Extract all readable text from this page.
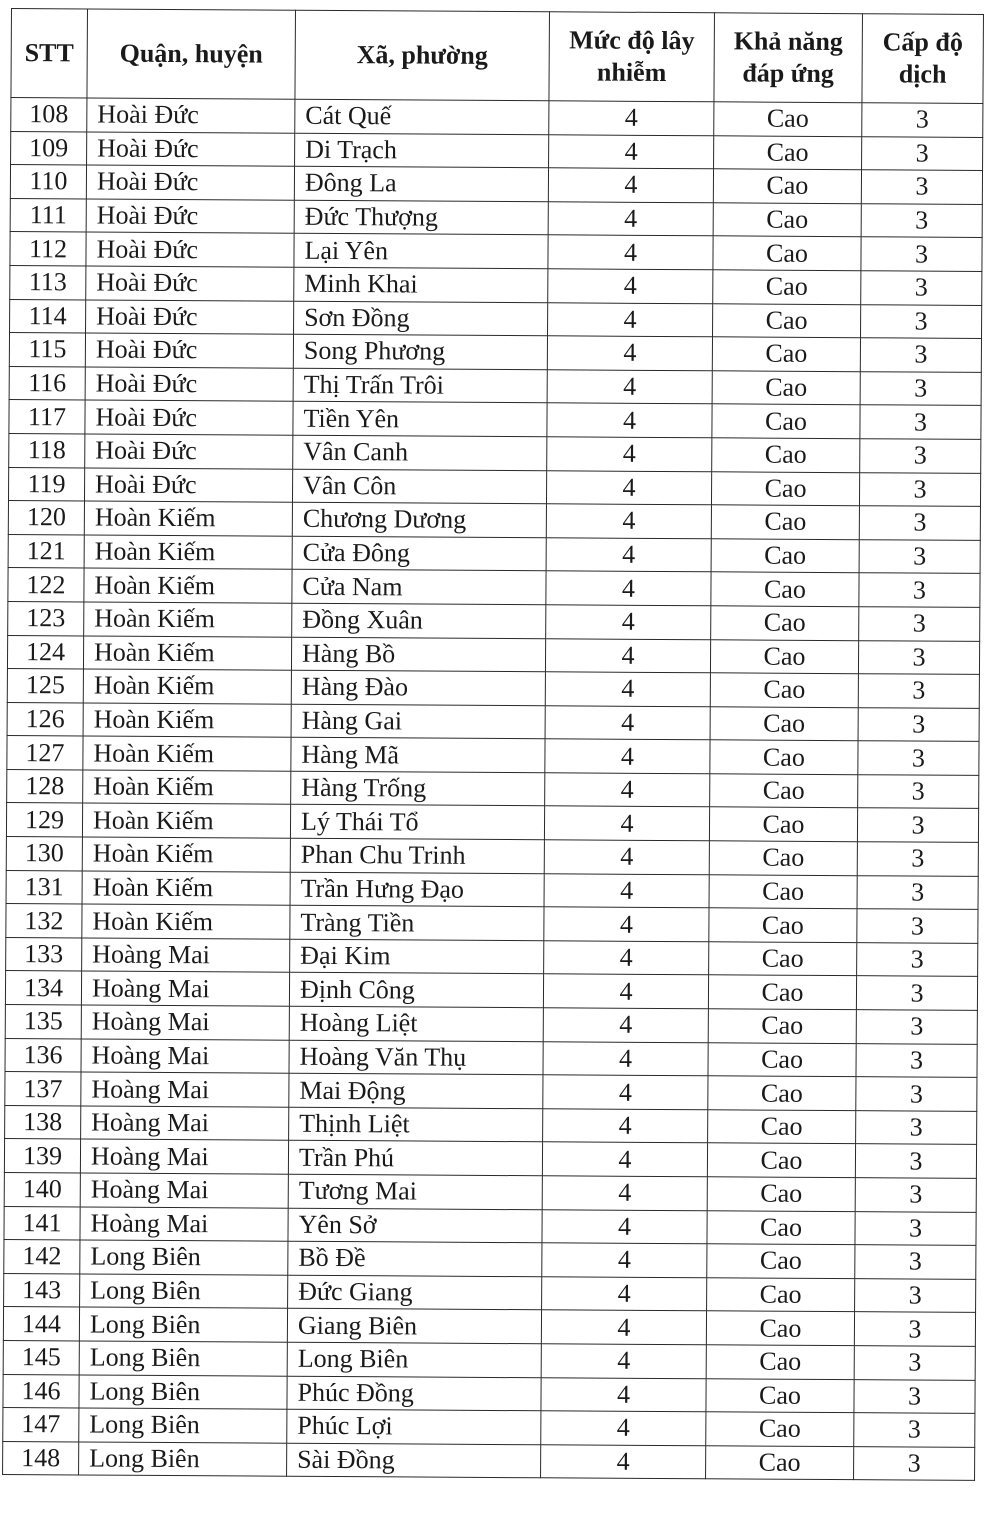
STT	Quận, huyện	Xã, phường	Mức độ lây nhiễm	Khả năng đáp ứng	Cấp độ dịch
108	Hoài Đức	Cát Quế	4	Cao	3
109	Hoài Đức	Di Trạch	4	Cao	3
110	Hoài Đức	Đông La	4	Cao	3
111	Hoài Đức	Đức Thượng	4	Cao	3
112	Hoài Đức	Lại Yên	4	Cao	3
113	Hoài Đức	Minh Khai	4	Cao	3
114	Hoài Đức	Sơn Đồng	4	Cao	3
115	Hoài Đức	Song Phương	4	Cao	3
116	Hoài Đức	Thị Trấn Trôi	4	Cao	3
117	Hoài Đức	Tiền Yên	4	Cao	3
118	Hoài Đức	Vân Canh	4	Cao	3
119	Hoài Đức	Vân Côn	4	Cao	3
120	Hoàn Kiếm	Chương Dương	4	Cao	3
121	Hoàn Kiếm	Cửa Đông	4	Cao	3
122	Hoàn Kiếm	Cửa Nam	4	Cao	3
123	Hoàn Kiếm	Đồng Xuân	4	Cao	3
124	Hoàn Kiếm	Hàng Bồ	4	Cao	3
125	Hoàn Kiếm	Hàng Đào	4	Cao	3
126	Hoàn Kiếm	Hàng Gai	4	Cao	3
127	Hoàn Kiếm	Hàng Mã	4	Cao	3
128	Hoàn Kiếm	Hàng Trống	4	Cao	3
129	Hoàn Kiếm	Lý Thái Tổ	4	Cao	3
130	Hoàn Kiếm	Phan Chu Trinh	4	Cao	3
131	Hoàn Kiếm	Trần Hưng Đạo	4	Cao	3
132	Hoàn Kiếm	Tràng Tiền	4	Cao	3
133	Hoàng Mai	Đại Kim	4	Cao	3
134	Hoàng Mai	Định Công	4	Cao	3
135	Hoàng Mai	Hoàng Liệt	4	Cao	3
136	Hoàng Mai	Hoàng Văn Thụ	4	Cao	3
137	Hoàng Mai	Mai Động	4	Cao	3
138	Hoàng Mai	Thịnh Liệt	4	Cao	3
139	Hoàng Mai	Trần Phú	4	Cao	3
140	Hoàng Mai	Tương Mai	4	Cao	3
141	Hoàng Mai	Yên Sở	4	Cao	3
142	Long Biên	Bồ Đề	4	Cao	3
143	Long Biên	Đức Giang	4	Cao	3
144	Long Biên	Giang Biên	4	Cao	3
145	Long Biên	Long Biên	4	Cao	3
146	Long Biên	Phúc Đồng	4	Cao	3
147	Long Biên	Phúc Lợi	4	Cao	3
148	Long Biên	Sài Đồng	4	Cao	3
